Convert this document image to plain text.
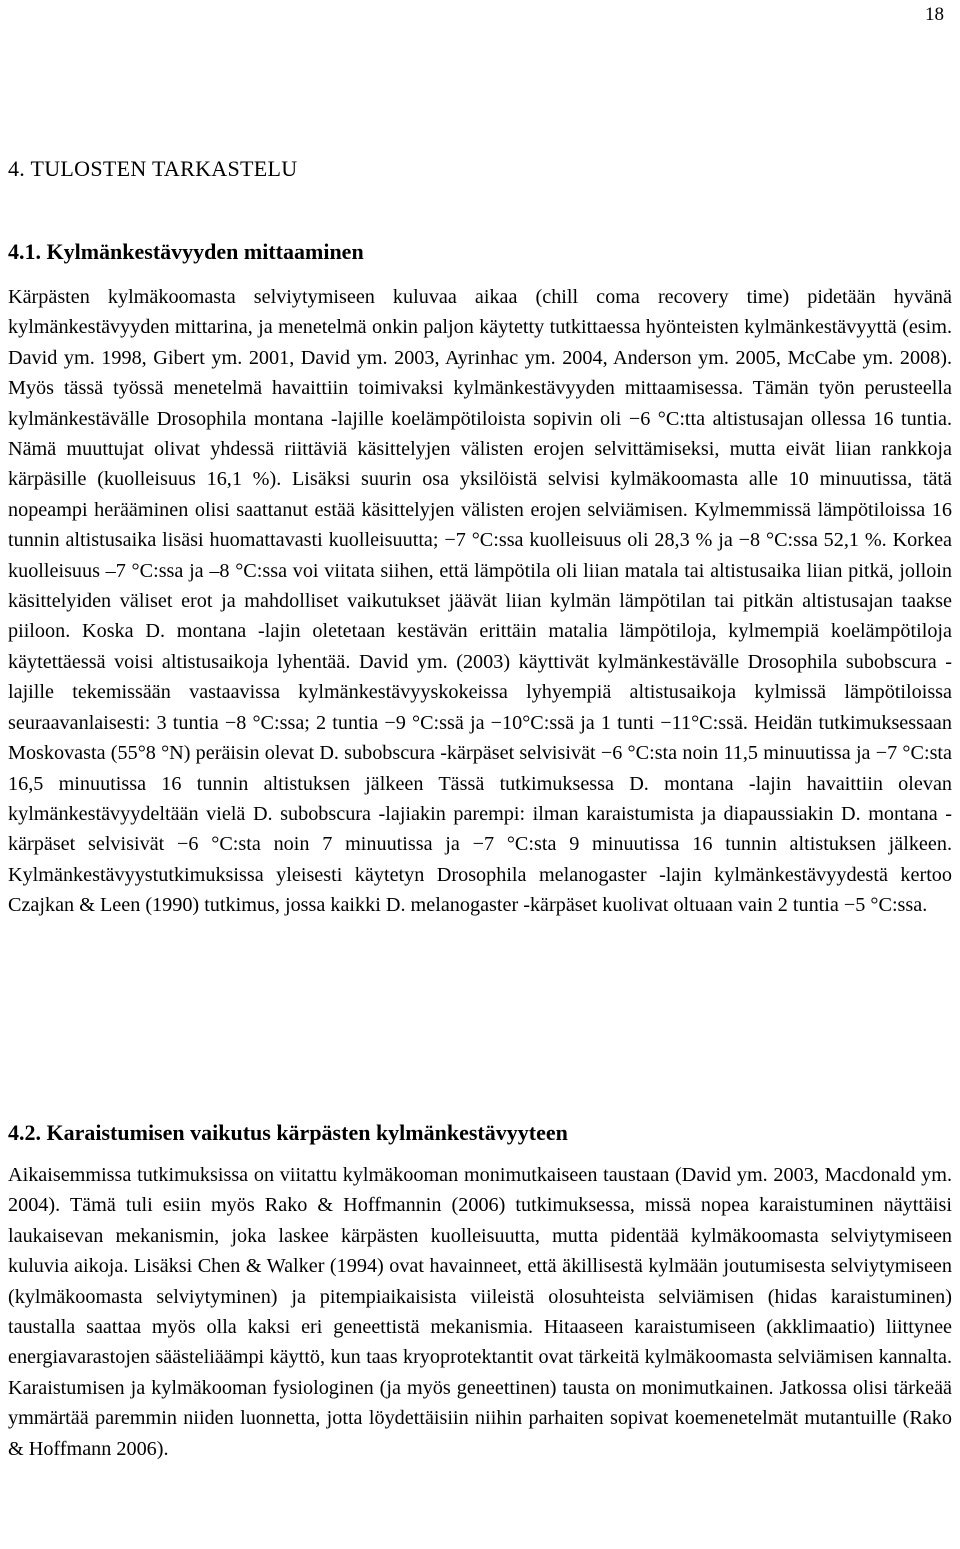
18
4. TULOSTEN TARKASTELU
4.1. Kylmänkestävyyden mittaaminen

Kärpästen kylmäkoomasta selviytymiseen kuluvaa aikaa (chill coma recovery time) pidetään hyvänä kylmänkestävyyden mittarina, ja menetelmä onkin paljon käytetty tutkittaessa hyönteisten kylmänkestävyyttä (esim. David ym. 1998, Gibert ym. 2001, David ym. 2003, Ayrinhac ym. 2004, Anderson ym. 2005, McCabe ym. 2008). Myös tässä työssä menetelmä havaittiin toimivaksi kylmänkestävyyden mittaamisessa. Tämän työn perusteella kylmänkestävälle Drosophila montana -lajille koelämpötiloista sopivin oli −6 °C:tta altistusajan ollessa 16 tuntia. Nämä muuttujat olivat yhdessä riittäviä käsittelyjen välisten erojen selvittämiseksi, mutta eivät liian rankkoja kärpäsille (kuolleisuus 16,1 %). Lisäksi suurin osa yksilöistä selvisi kylmäkoomasta alle 10 minuutissa, tätä nopeampi herääminen olisi saattanut estää käsittelyjen välisten erojen selviämisen. Kylmemmissä lämpötiloissa 16 tunnin altistusaika lisäsi huomattavasti kuolleisuutta; −7 °C:ssa kuolleisuus oli 28,3 % ja −8 °C:ssa 52,1 %. Korkea kuolleisuus –7 °C:ssa ja –8 °C:ssa voi viitata siihen, että lämpötila oli liian matala tai altistusaika liian pitkä, jolloin käsittelyiden väliset erot ja mahdolliset vaikutukset jäävät liian kylmän lämpötilan tai pitkän altistusajan taakse piiloon. Koska D. montana -lajin oletetaan kestävän erittäin matalia lämpötiloja, kylmempiä koelämpötiloja käytettäessä voisi altistusaikoja lyhentää. David ym. (2003) käyttivät kylmänkestävälle Drosophila subobscura -lajille tekemissään vastaavissa kylmänkestävyyskokeissa lyhyempiä altistusaikoja kylmissä lämpötiloissa seuraavanlaisesti: 3 tuntia −8 °C:ssa; 2 tuntia −9 °C:ssä ja −10°C:ssä ja 1 tunti −11°C:ssä. Heidän tutkimuksessaan Moskovasta (55°8 °N) peräisin olevat D. subobscura -kärpäset selvisivät −6 °C:sta noin 11,5 minuutissa ja −7 °C:sta 16,5 minuutissa 16 tunnin altistuksen jälkeen Tässä tutkimuksessa D. montana -lajin havaittiin olevan kylmänkestävyydeltään vielä D. subobscura -lajiakin parempi: ilman karaistumista ja diapaussiakin D. montana -kärpäset selvisivät −6 °C:sta noin 7 minuutissa ja −7 °C:sta 9 minuutissa 16 tunnin altistuksen jälkeen. Kylmänkestävyystutkimuksissa yleisesti käytetyn Drosophila melanogaster -lajin kylmänkestävyydestä kertoo Czajkan & Leen (1990) tutkimus, jossa kaikki D. melanogaster -kärpäset kuolivat oltuaan vain 2 tuntia −5 °C:ssa.

4.2. Karaistumisen vaikutus kärpästen kylmänkestävyyteen

Aikaisemmissa tutkimuksissa on viitattu kylmäkooman monimutkaiseen taustaan (David ym. 2003, Macdonald ym. 2004). Tämä tuli esiin myös Rako & Hoffmannin (2006) tutkimuksessa, missä nopea karaistuminen näyttäisi laukaisevan mekanismin, joka laskee kärpästen kuolleisuutta, mutta pidentää kylmäkoomasta selviytymiseen kuluvia aikoja. Lisäksi Chen & Walker (1994) ovat havainneet, että äkillisestä kylmään joutumisesta selviytymiseen (kylmäkoomasta selviytyminen) ja pitempiaikaisista viileistä olosuhteista selviämisen (hidas karaistuminen) taustalla saattaa myös olla kaksi eri geneettistä mekanismia. Hitaaseen karaistumiseen (akklimaatio) liittynee energiavarastojen säästeliäämpi käyttö, kun taas kryoprotektantit ovat tärkeitä kylmäkoomasta selviämisen kannalta. Karaistumisen ja kylmäkooman fysiologinen (ja myös geneettinen) tausta on monimutkainen. Jatkossa olisi tärkeää ymmärtää paremmin niiden luonnetta, jotta löydettäisiin niihin parhaiten sopivat koemenetelmät mutantuille (Rako & Hoffmann 2006).
